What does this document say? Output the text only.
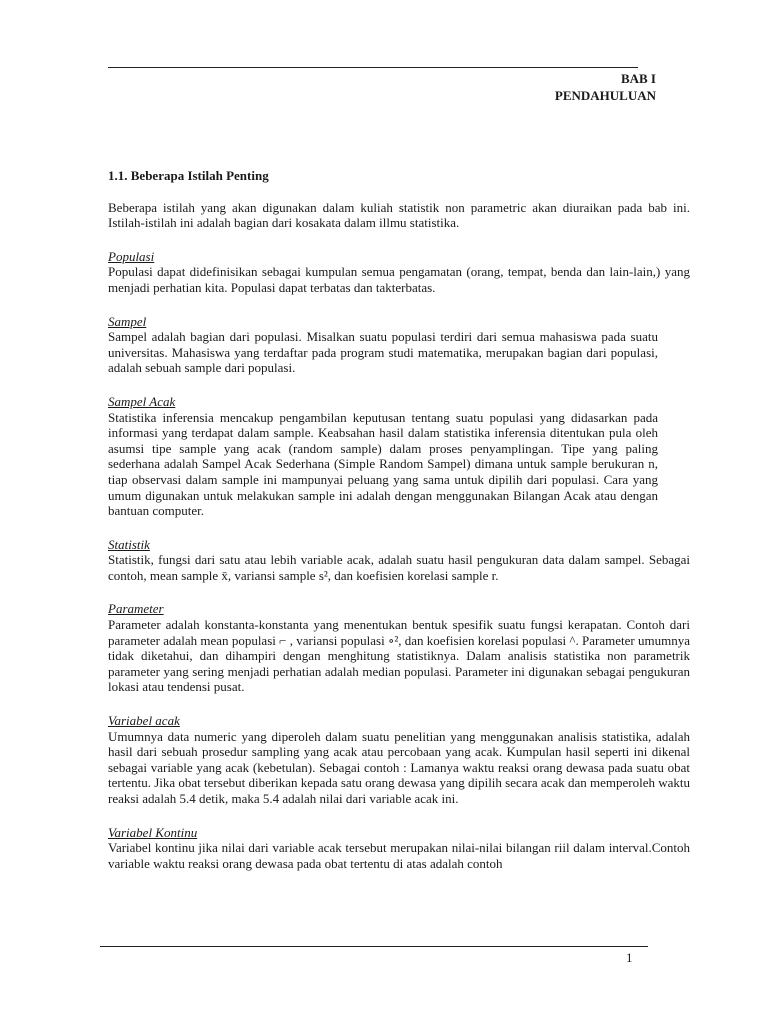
BAB I
PENDAHULUAN

1.1. Beberapa Istilah Penting

Beberapa istilah yang akan digunakan dalam kuliah statistik non parametric akan diuraikan pada bab ini. Istilah-istilah ini adalah bagian dari kosakata dalam illmu statistika.

Populasi

Populasi dapat didefinisikan sebagai kumpulan semua pengamatan (orang, tempat, benda dan lain-lain,) yang menjadi perhatian kita. Populasi dapat terbatas dan takterbatas.

Sampel

Sampel adalah bagian dari populasi. Misalkan suatu populasi terdiri dari semua mahasiswa pada suatu universitas. Mahasiswa yang terdaftar pada program studi matematika, merupakan bagian dari populasi, adalah sebuah sample dari populasi.

Sampel Acak

Statistika inferensia mencakup pengambilan keputusan tentang suatu populasi yang didasarkan pada informasi yang terdapat dalam sample. Keabsahan hasil dalam statistika inferensia ditentukan pula oleh asumsi tipe sample yang acak (random sample) dalam proses penyamplingan. Tipe yang paling sederhana adalah Sampel Acak Sederhana (Simple Random Sampel) dimana untuk sample berukuran n, tiap observasi dalam sample ini mampunyai peluang yang sama untuk dipilih dari populasi. Cara yang umum digunakan untuk melakukan sample ini adalah dengan menggunakan Bilangan Acak atau dengan bantuan computer.

Statistik

Statistik, fungsi dari satu atau lebih variable acak, adalah suatu hasil pengukuran data dalam sampel. Sebagai contoh, mean sample x̄, variansi sample s², dan koefisien korelasi sample r.

Parameter

Parameter adalah konstanta-konstanta yang menentukan bentuk spesifik suatu fungsi kerapatan. Contoh dari parameter adalah mean populasi ⌐ , variansi populasi ∘², dan koefisien korelasi populasi ^. Parameter umumnya tidak diketahui, dan dihampiri dengan menghitung statistiknya. Dalam analisis statistika non parametrik parameter yang sering menjadi perhatian adalah median populasi. Parameter ini digunakan sebagai pengukuran lokasi atau tendensi pusat.

Variabel acak

Umumnya data numeric yang diperoleh dalam suatu penelitian yang menggunakan analisis statistika, adalah hasil dari sebuah prosedur sampling yang acak atau percobaan yang acak. Kumpulan hasil seperti ini dikenal sebagai variable yang acak (kebetulan). Sebagai contoh : Lamanya waktu reaksi orang dewasa pada suatu obat tertentu. Jika obat tersebut diberikan kepada satu orang dewasa yang dipilih secara acak dan memperoleh waktu reaksi adalah 5.4 detik, maka 5.4 adalah nilai dari variable acak ini.

Variabel Kontinu

Variabel kontinu jika nilai dari variable acak tersebut merupakan nilai-nilai bilangan riil dalam interval.Contoh variable waktu reaksi orang dewasa pada obat tertentu di atas adalah contoh

1
